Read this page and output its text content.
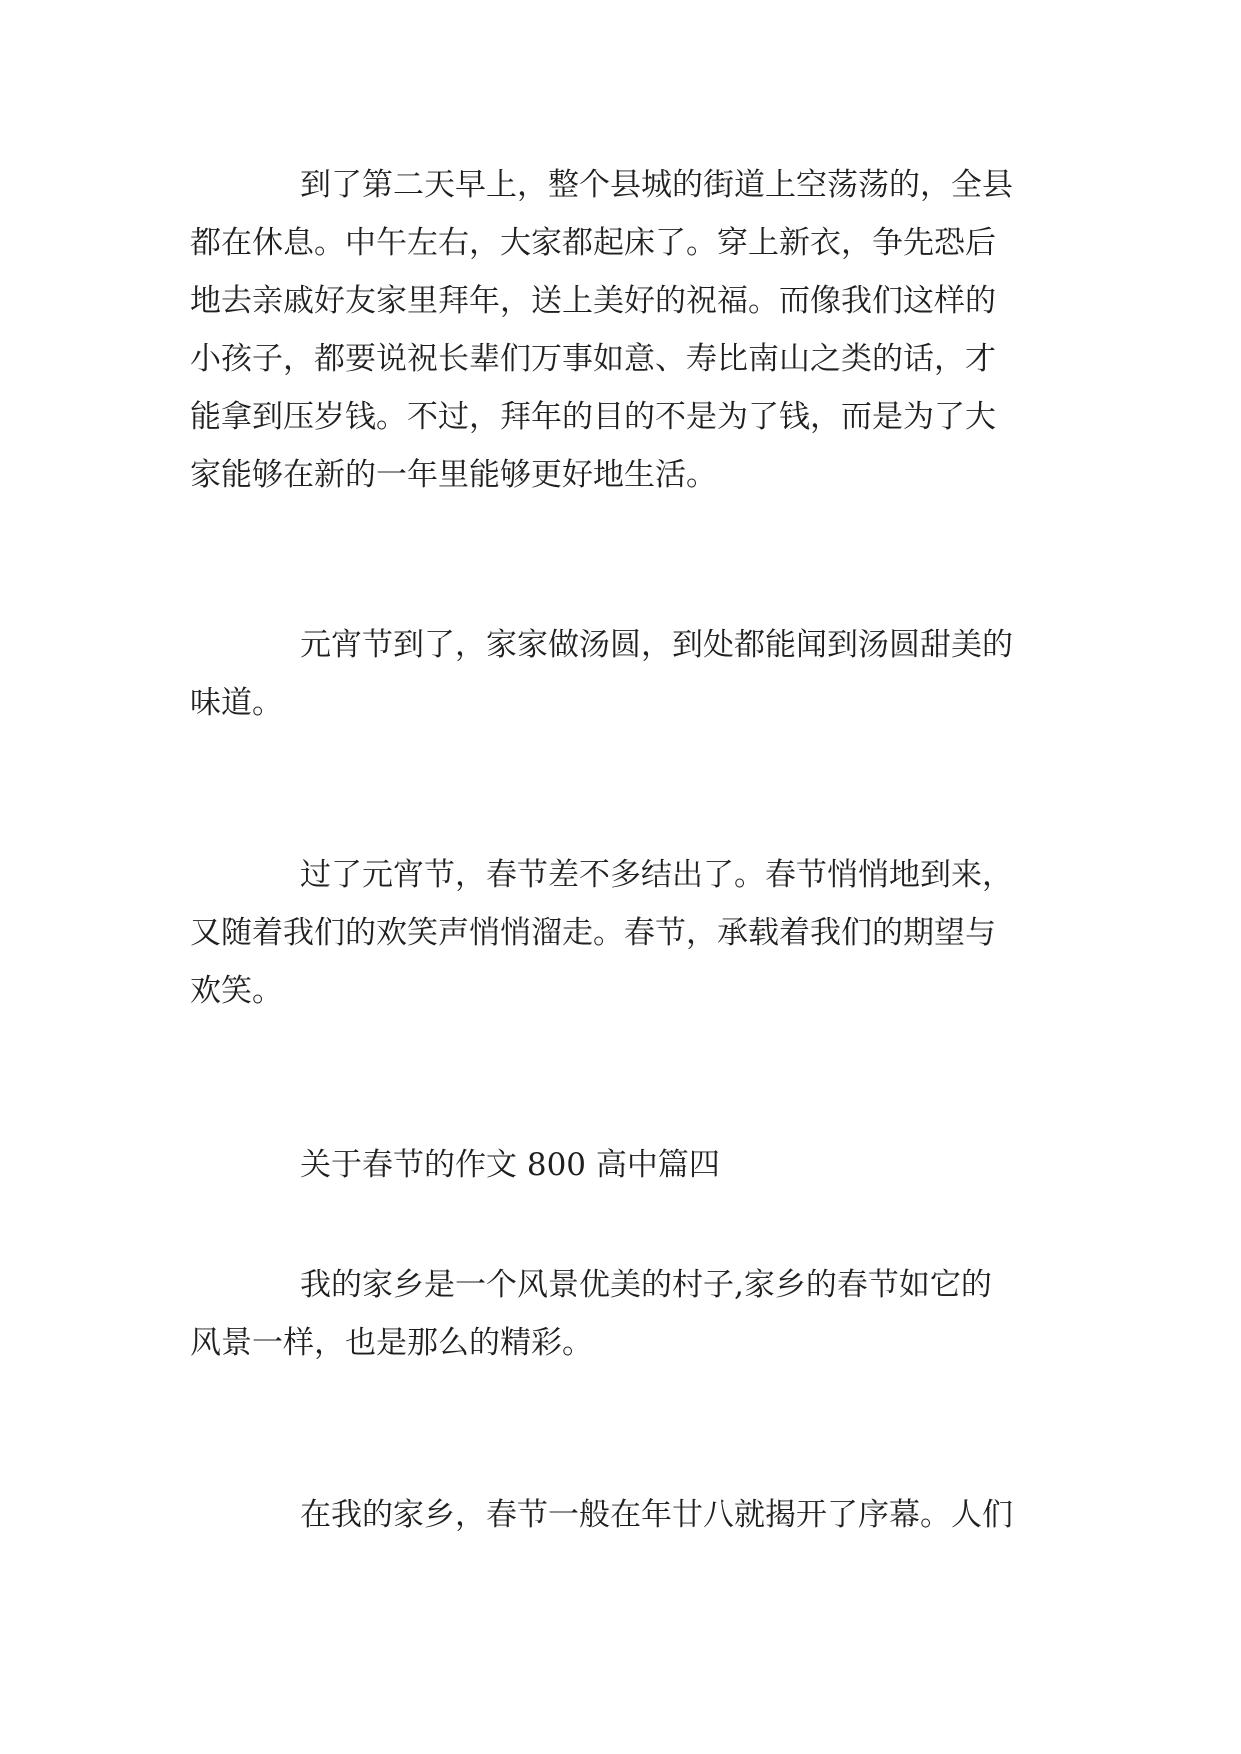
到了第二天早上，整个县城的街道上空荡荡的，全县

都在休息。中午左右，大家都起床了。穿上新衣，争先恐后

地去亲戚好友家里拜年，送上美好的祝福。而像我们这样的

小孩子，都要说祝长辈们万事如意、寿比南山之类的话，才

能拿到压岁钱。不过，拜年的目的不是为了钱，而是为了大

家能够在新的一年里能够更好地生活。

元宵节到了，家家做汤圆，到处都能闻到汤圆甜美的

味道。

过了元宵节，春节差不多结出了。春节悄悄地到来，

又随着我们的欢笑声悄悄溜走。春节，承载着我们的期望与

欢笑。

关于春节的作文 800 高中篇四

我的家乡是一个风景优美的村子,家乡的春节如它的

风景一样，也是那么的精彩。

在我的家乡，春节一般在年廿八就揭开了序幕。人们
